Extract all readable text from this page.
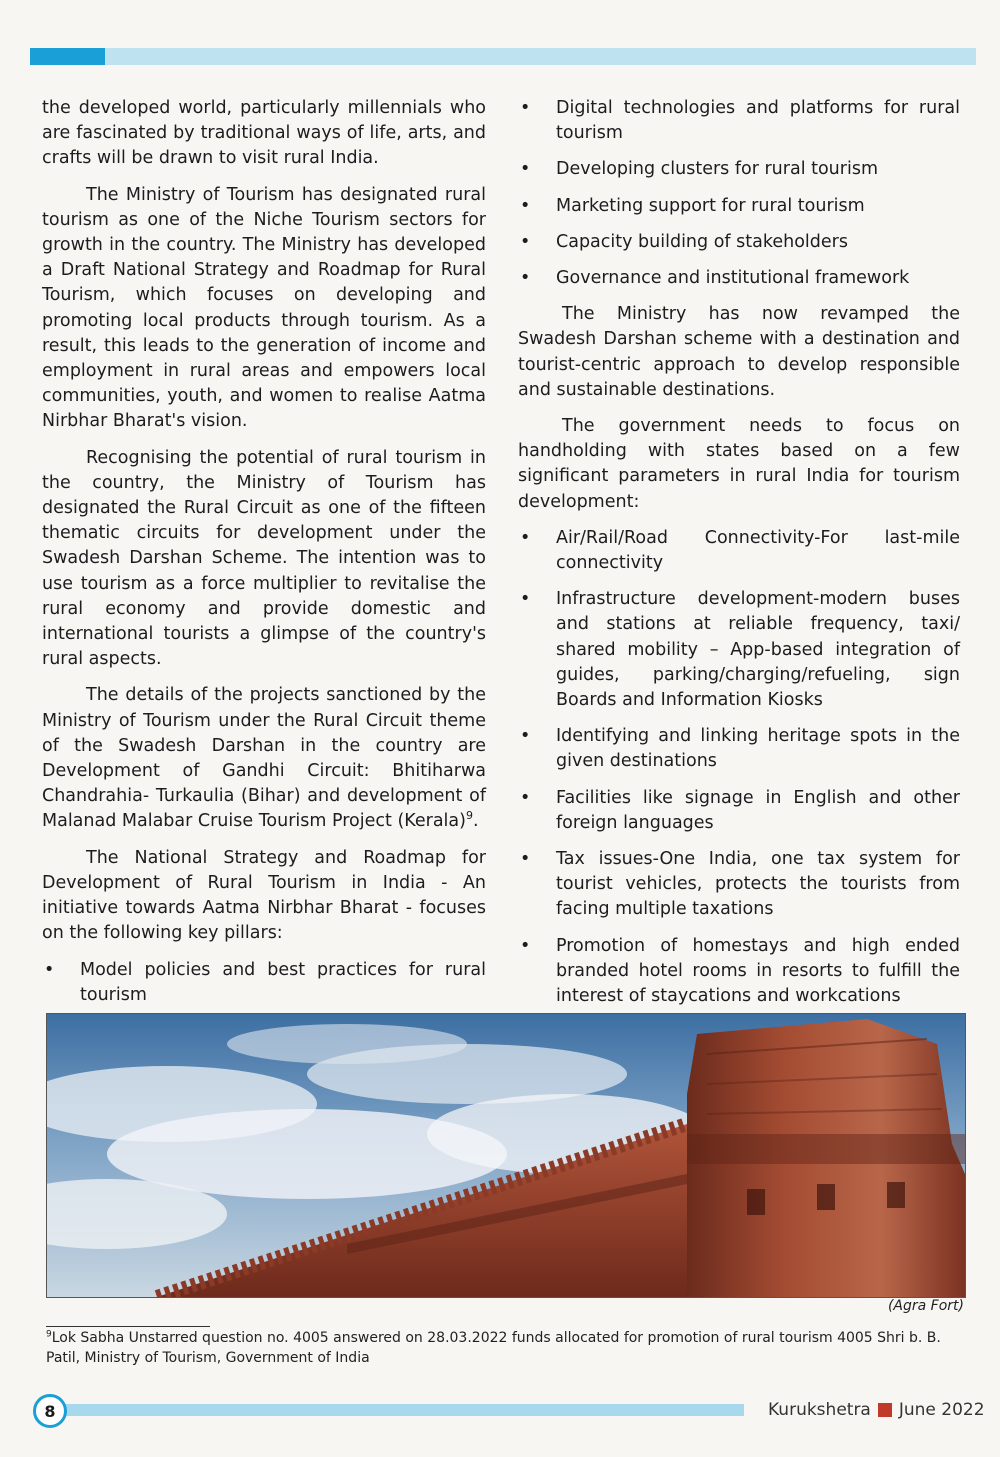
the developed world, particularly millennials who are fascinated by traditional ways of life, arts, and crafts will be drawn to visit rural India.

The Ministry of Tourism has designated rural tourism as one of the Niche Tourism sectors for growth in the country. The Ministry has developed a Draft National Strategy and Roadmap for Rural Tourism, which focuses on developing and promoting local products through tourism. As a result, this leads to the generation of income and employment in rural areas and empowers local communities, youth, and women to realise Aatma Nirbhar Bharat's vision.

Recognising the potential of rural tourism in the country, the Ministry of Tourism has designated the Rural Circuit as one of the fifteen thematic circuits for development under the Swadesh Darshan Scheme. The intention was to use tourism as a force multiplier to revitalise the rural economy and provide domestic and international tourists a glimpse of the country's rural aspects.

The details of the projects sanctioned by the Ministry of Tourism under the Rural Circuit theme of the Swadesh Darshan in the country are Development of Gandhi Circuit: Bhitiharwa Chandrahia- Turkaulia (Bihar) and development of Malanad Malabar Cruise Tourism Project (Kerala)$^9$.

The National Strategy and Roadmap for Development of Rural Tourism in India - An initiative towards Aatma Nirbhar Bharat - focuses on the following key pillars:

• Model policies and best practices for rural tourism
• Digital technologies and platforms for rural tourism
• Developing clusters for rural tourism
• Marketing support for rural tourism
• Capacity building of stakeholders
• Governance and institutional framework

The Ministry has now revamped the Swadesh Darshan scheme with a destination and tourist-centric approach to develop responsible and sustainable destinations.

The government needs to focus on handholding with states based on a few significant parameters in rural India for tourism development:

• Air/Rail/Road Connectivity-For last-mile connectivity
• Infrastructure development-modern buses and stations at reliable frequency, taxi/ shared mobility – App-based integration of guides, parking/charging/refueling, sign Boards and Information Kiosks
• Identifying and linking heritage spots in the given destinations
• Facilities like signage in English and other foreign languages
• Tax issues-One India, one tax system for tourist vehicles, protects the tourists from facing multiple taxations
• Promotion of homestays and high ended branded hotel rooms in resorts to fulfill the interest of staycations and workcations
(Agra Fort)
$^9$Lok Sabha Unstarred question no. 4005 answered on 28.03.2022 funds allocated for promotion of rural tourism 4005 Shri b. B. Patil, Ministry of Tourism, Government of India
8	Kurukshetra June 2022
